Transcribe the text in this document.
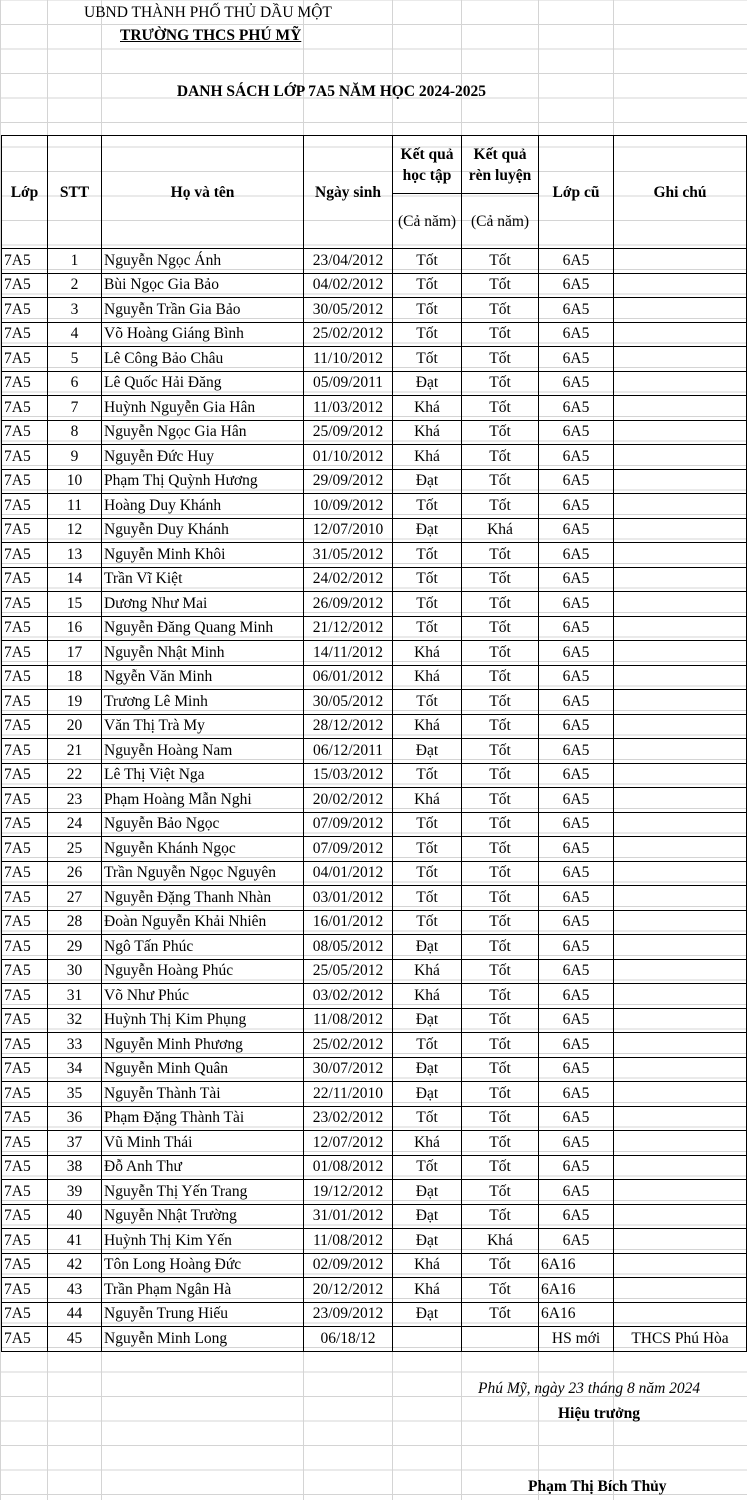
UBND THÀNH PHỐ THỦ DẦU MỘT
TRƯỜNG THCS PHÚ MỸ
DANH SÁCH LỚP 7A5 NĂM HỌC 2024-2025
Lớp	STT	Họ và tên	Ngày sinh	Kết quả học tập	Kết quả rèn luyện	Lớp cũ	Ghi chú
				(Cả năm)	(Cả năm)		
7A5	1	Nguyễn Ngọc Ánh	23/04/2012	Tốt	Tốt	6A5	
7A5	2	Bùi Ngọc Gia Bảo	04/02/2012	Tốt	Tốt	6A5	
7A5	3	Nguyễn Trần Gia Bảo	30/05/2012	Tốt	Tốt	6A5	
7A5	4	Võ Hoàng Giáng Bình	25/02/2012	Tốt	Tốt	6A5	
7A5	5	Lê Công Bảo Châu	11/10/2012	Tốt	Tốt	6A5	
7A5	6	Lê Quốc Hải Đăng	05/09/2011	Đạt	Tốt	6A5	
7A5	7	Huỳnh Nguyễn Gia Hân	11/03/2012	Khá	Tốt	6A5	
7A5	8	Nguyễn Ngọc Gia Hân	25/09/2012	Khá	Tốt	6A5	
7A5	9	Nguyễn Đức Huy	01/10/2012	Khá	Tốt	6A5	
7A5	10	Phạm Thị Quỳnh Hương	29/09/2012	Đạt	Tốt	6A5	
7A5	11	Hoàng Duy Khánh	10/09/2012	Tốt	Tốt	6A5	
7A5	12	Nguyễn Duy Khánh	12/07/2010	Đạt	Khá	6A5	
7A5	13	Nguyễn Minh Khôi	31/05/2012	Tốt	Tốt	6A5	
7A5	14	Trần Vĩ Kiệt	24/02/2012	Tốt	Tốt	6A5	
7A5	15	Dương Như Mai	26/09/2012	Tốt	Tốt	6A5	
7A5	16	Nguyễn Đăng Quang Minh	21/12/2012	Tốt	Tốt	6A5	
7A5	17	Nguyễn Nhật Minh	14/11/2012	Khá	Tốt	6A5	
7A5	18	Ngyễn Văn Minh	06/01/2012	Khá	Tốt	6A5	
7A5	19	Trương Lê Minh	30/05/2012	Tốt	Tốt	6A5	
7A5	20	Văn Thị Trà My	28/12/2012	Khá	Tốt	6A5	
7A5	21	Nguyễn Hoàng Nam	06/12/2011	Đạt	Tốt	6A5	
7A5	22	Lê Thị Việt Nga	15/03/2012	Tốt	Tốt	6A5	
7A5	23	Phạm Hoàng Mẫn Nghi	20/02/2012	Khá	Tốt	6A5	
7A5	24	Nguyễn Bảo Ngọc	07/09/2012	Tốt	Tốt	6A5	
7A5	25	Nguyễn Khánh Ngọc	07/09/2012	Tốt	Tốt	6A5	
7A5	26	Trần Nguyễn Ngọc Nguyên	04/01/2012	Tốt	Tốt	6A5	
7A5	27	Nguyễn Đặng Thanh Nhàn	03/01/2012	Tốt	Tốt	6A5	
7A5	28	Đoàn Nguyễn Khải Nhiên	16/01/2012	Tốt	Tốt	6A5	
7A5	29	Ngô Tấn Phúc	08/05/2012	Đạt	Tốt	6A5	
7A5	30	Nguyễn Hoàng Phúc	25/05/2012	Khá	Tốt	6A5	
7A5	31	Võ Như Phúc	03/02/2012	Khá	Tốt	6A5	
7A5	32	Huỳnh Thị Kim Phụng	11/08/2012	Đạt	Tốt	6A5	
7A5	33	Nguyễn Minh Phương	25/02/2012	Tốt	Tốt	6A5	
7A5	34	Nguyễn Minh Quân	30/07/2012	Đạt	Tốt	6A5	
7A5	35	Nguyễn Thành Tài	22/11/2010	Đạt	Tốt	6A5	
7A5	36	Phạm Đặng Thành Tài	23/02/2012	Tốt	Tốt	6A5	
7A5	37	Vũ Minh Thái	12/07/2012	Khá	Tốt	6A5	
7A5	38	Đỗ Anh Thư	01/08/2012	Tốt	Tốt	6A5	
7A5	39	Nguyễn Thị Yến Trang	19/12/2012	Đạt	Tốt	6A5	
7A5	40	Nguyễn Nhật Trường	31/01/2012	Đạt	Tốt	6A5	
7A5	41	Huỳnh Thị Kim Yến	11/08/2012	Đạt	Khá	6A5	
7A5	42	Tôn Long Hoàng Đức	02/09/2012	Khá	Tốt	6A16	
7A5	43	Trần Phạm Ngân Hà	20/12/2012	Khá	Tốt	6A16	
7A5	44	Nguyễn Trung Hiếu	23/09/2012	Đạt	Tốt	6A16	
7A5	45	Nguyễn Minh Long	06/18/12			HS mới	THCS Phú Hòa
Phú Mỹ, ngày 23 tháng 8 năm 2024
Hiệu trưởng
Phạm Thị Bích Thủy
